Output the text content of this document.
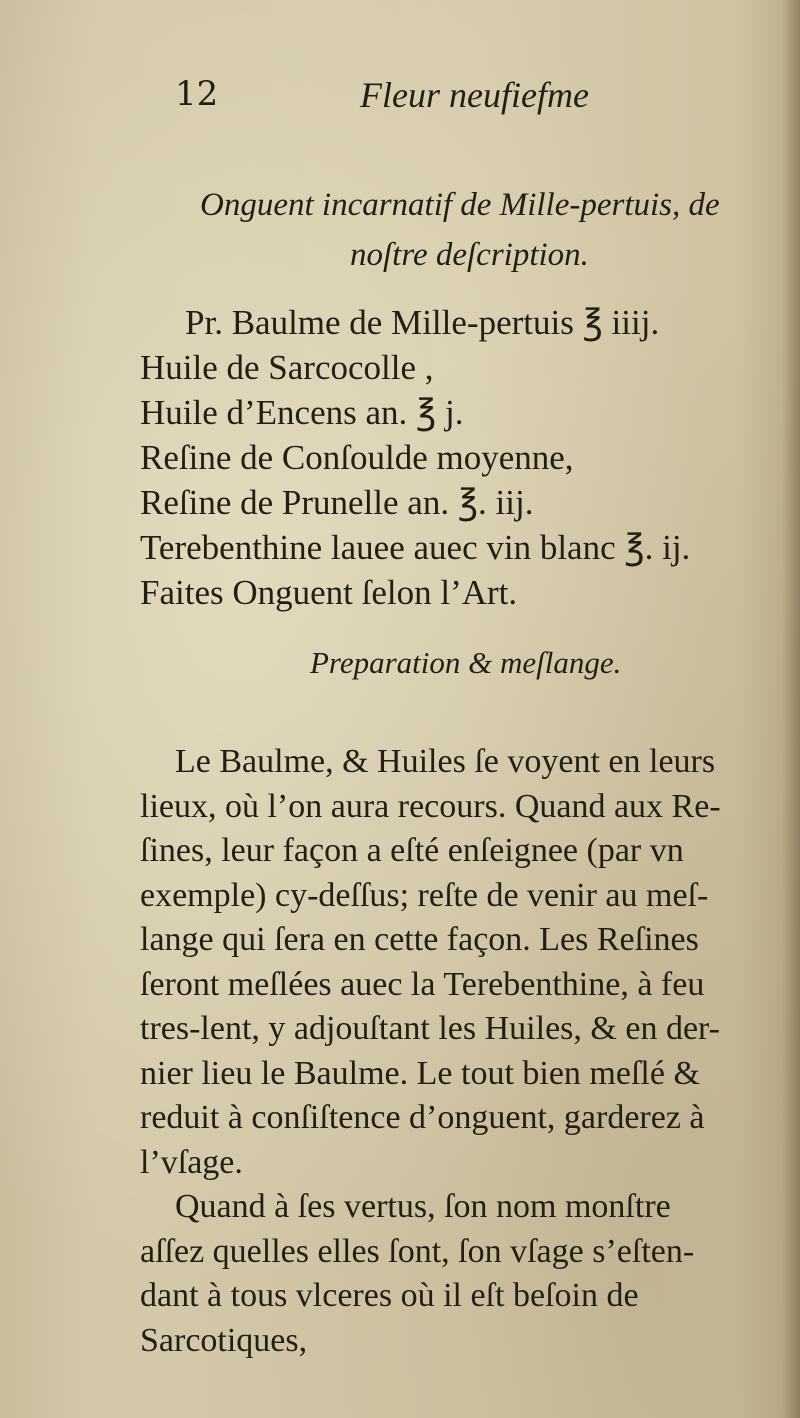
12	Fleur neufiefme
Onguent incarnatif de Mille-pertuis, de
noſtre deſcription.
Pr. Baulme de Mille-pertuis ℥ iiij.
Huile de Sarcocolle ,
Huile d’Encens an. ℥ j.
Reſine de Conſoulde moyenne,
Reſine de Prunelle an. ℥. iij.
Terebenthine lauee auec vin blanc ℥. ij.
Faites Onguent ſelon l’Art.
Preparation & meſlange.
Le Baulme, & Huiles ſe voyent en leurs
lieux, où l’on aura recours. Quand aux Re-
ſines, leur façon a eſté enſeignee (par vn
exemple) cy-deſſus; reſte de venir au meſ-
lange qui ſera en cette façon. Les Reſines
ſeront meſlées auec la Terebenthine, à feu
tres-lent, y adjouſtant les Huiles, & en der-
nier lieu le Baulme. Le tout bien meſlé &
reduit à conſiſtence d’onguent, garderez à
l’vſage.
Quand à ſes vertus, ſon nom monſtre
aſſez quelles elles ſont, ſon vſage s’eſten-
dant à tous vlceres où il eſt beſoin de
Sarcotiques,
